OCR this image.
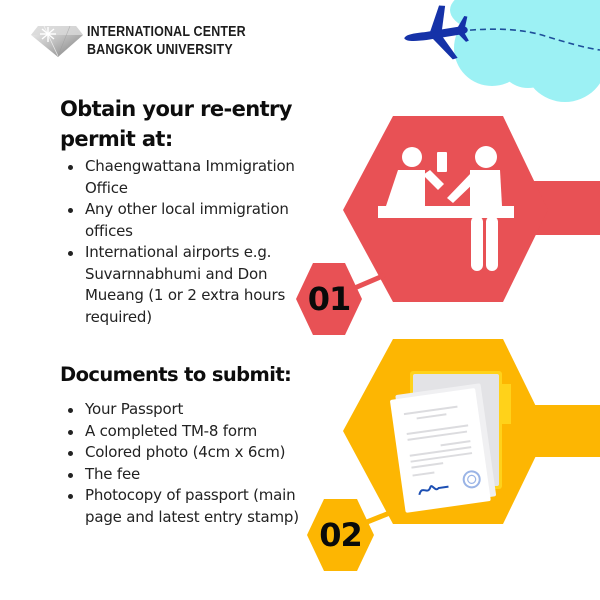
INTERNATIONAL CENTER
BANGKOK UNIVERSITY
Obtain your re-entry permit at:
Chaengwattana Immigration Office
Any other local immigration offices
International airports e.g. Suvarnnabhumi and Don Mueang (1 or 2 extra hours required)	01
Documents to submit:
Your Passport
A completed TM-8 form
Colored photo (4cm x 6cm)
The fee
Photocopy of passport (main page and latest entry stamp) 02
